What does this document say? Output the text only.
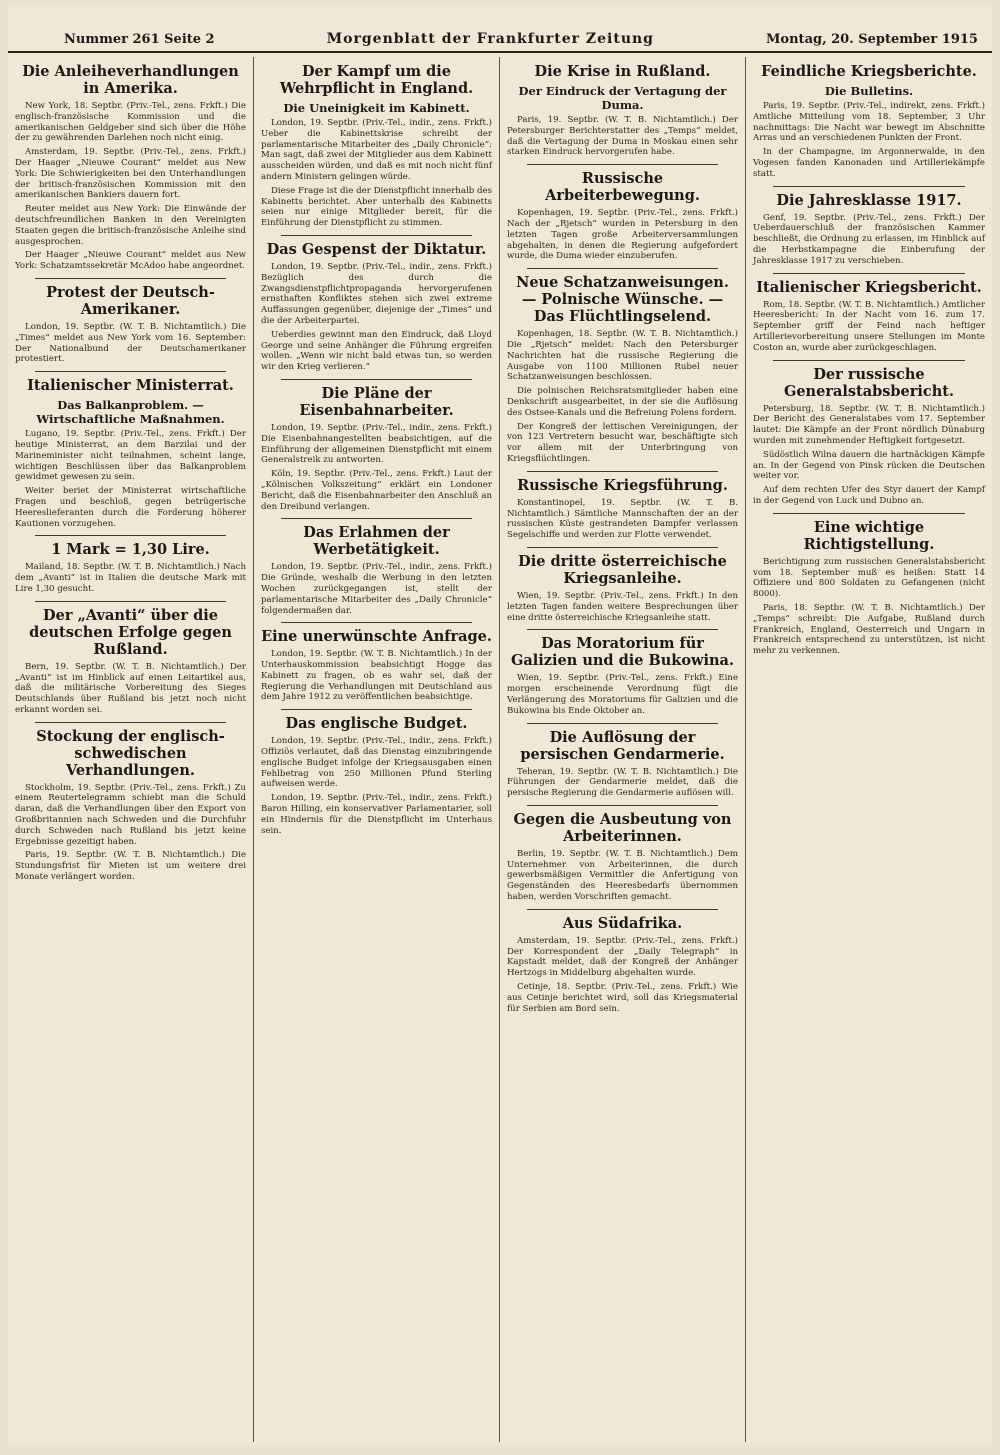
Nummer 261 Seite 2	Morgenblatt der Frankfurter Zeitung	Montag, 20. September 1915
Die Anleiheverhandlungen in Amerika.

New York, 18. Septbr. (Priv.-Tel., zens. Frkft.) Die englisch-französische Kommission und die amerikanischen Geldgeber sind sich über die Höhe der zu gewährenden Darlehen noch nicht einig.

Amsterdam, 19. Septbr. (Priv.-Tel., zens. Frkft.) Der Haager „Nieuwe Courant“ meldet aus New York: Die Schwierigkeiten bei den Unterhandlungen der britisch-französischen Kommission mit den amerikanischen Bankiers dauern fort.

Reuter meldet aus New York: Die Einwände der deutschfreundlichen Banken in den Vereinigten Staaten gegen die britisch-französische Anleihe sind ausgesprochen.

Der Haager „Nieuwe Courant“ meldet aus New York: Schatzamtssekretär McAdoo habe angeordnet.

Protest der Deutsch-Amerikaner.

London, 19. Septbr. (W. T. B. Nichtamtlich.) Die „Times“ meldet aus New York vom 16. September: Der Nationalbund der Deutschamerikaner protestiert.

Italienischer Ministerrat.
Das Balkanproblem. — Wirtschaftliche Maßnahmen.

Lugano, 19. Septbr. (Priv.-Tel., zens. Frkft.) Der heutige Ministerrat, an dem Barzilai und der Marineminister nicht teilnahmen, scheint lange, wichtigen Beschlüssen über das Balkanproblem gewidmet gewesen zu sein.

Weiter beriet der Ministerrat wirtschaftliche Fragen und beschloß, gegen betrügerische Heereslieferanten durch die Forderung höherer Kautionen vorzugehen.

1 Mark = 1,30 Lire.

Mailand, 18. Septbr. (W. T. B. Nichtamtlich.) Nach dem „Avanti“ ist in Italien die deutsche Mark mit Lire 1,30 gesucht.

Der „Avanti“ über die deutschen Erfolge gegen Rußland.

Bern, 19. Septbr. (W. T. B. Nichtamtlich.) Der „Avanti“ ist im Hinblick auf einen Leitartikel aus, daß die militärische Vorbereitung des Sieges Deutschlands über Rußland bis jetzt noch nicht erkannt worden sei.

Stockung der englisch-schwedischen Verhandlungen.

Stockholm, 19. Septbr. (Priv.-Tel., zens. Frkft.) Zu einem Reutertelegramm schiebt man die Schuld daran, daß die Verhandlungen über den Export von Großbritannien nach Schweden und die Durchfuhr durch Schweden nach Rußland bis jetzt keine Ergebnisse gezeitigt haben.

Paris, 19. Septbr. (W. T. B. Nichtamtlich.) Die Stundungsfrist für Mieten ist um weitere drei Monate verlängert worden.

Der Kampf um die Wehrpflicht in England.
Die Uneinigkeit im Kabinett.

London, 19. Septbr. (Priv.-Tel., indir., zens. Frkft.) Ueber die Kabinettskrise schreibt der parlamentarische Mitarbeiter des „Daily Chronicle“: Man sagt, daß zwei der Mitglieder aus dem Kabinett ausscheiden würden, und daß es mit noch nicht fünf andern Ministern gelingen würde.

Diese Frage ist die der Dienstpflicht innerhalb des Kabinetts berichtet. Aber unterhalb des Kabinetts seien nur einige Mitglieder bereit, für die Einführung der Dienstpflicht zu stimmen.

Das Gespenst der Diktatur.

London, 19. Septbr. (Priv.-Tel., indir., zens. Frkft.) Bezüglich des durch die Zwangsdienstpflichtpropaganda hervorgerufenen ernsthaften Konfliktes stehen sich zwei extreme Auffassungen gegenüber, diejenige der „Times“ und die der Arbeiterpartei.

Ueberdies gewinnt man den Eindruck, daß Lloyd George und seine Anhänger die Führung ergreifen wollen. „Wenn wir nicht bald etwas tun, so werden wir den Krieg verlieren.“

Die Pläne der Eisenbahnarbeiter.

London, 19. Septbr. (Priv.-Tel., indir., zens. Frkft.) Die Eisenbahnangestellten beabsichtigen, auf die Einführung der allgemeinen Dienstpflicht mit einem Generalstreik zu antworten.

Köln, 19. Septbr. (Priv.-Tel., zens. Frkft.) Laut der „Kölnischen Volkszeitung“ erklärt ein Londoner Bericht, daß die Eisenbahnarbeiter den Anschluß an den Dreibund verlangen.

Das Erlahmen der Werbetätigkeit.

London, 19. Septbr. (Priv.-Tel., indir., zens. Frkft.) Die Gründe, weshalb die Werbung in den letzten Wochen zurückgegangen ist, stellt der parlamentarische Mitarbeiter des „Daily Chronicle“ folgendermaßen dar.

Eine unerwünschte Anfrage.

London, 19. Septbr. (W. T. B. Nichtamtlich.) In der Unterhauskommission beabsichtigt Hogge das Kabinett zu fragen, ob es wahr sei, daß der Regierung die Verhandlungen mit Deutschland aus dem Jahre 1912 zu veröffentlichen beabsichtige.

Das englische Budget.

London, 19. Septbr. (Priv.-Tel., indir., zens. Frkft.) Offiziös verlautet, daß das Dienstag einzubringende englische Budget infolge der Kriegsausgaben einen Fehlbetrag von 250 Millionen Pfund Sterling aufweisen werde.

London, 19. Septbr. (Priv.-Tel., indir., zens. Frkft.) Baron Hilling, ein konservativer Parlamentarier, soll ein Hindernis für die Dienstpflicht im Unterhaus sein.

Die Krise in Rußland.
Der Eindruck der Vertagung der Duma.

Paris, 19. Septbr. (W. T. B. Nichtamtlich.) Der Petersburger Berichterstatter des „Temps“ meldet, daß die Vertagung der Duma in Moskau einen sehr starken Eindruck hervorgerufen habe.

Russische Arbeiterbewegung.

Kopenhagen, 19. Septbr. (Priv.-Tel., zens. Frkft.) Nach der „Rjetsch“ wurden in Petersburg in den letzten Tagen große Arbeiterversammlungen abgehalten, in denen die Regierung aufgefordert wurde, die Duma wieder einzuberufen.

Neue Schatzanweisungen. — Polnische Wünsche. — Das Flüchtlingselend.

Kopenhagen, 18. Septbr. (W. T. B. Nichtamtlich.) Die „Rjetsch“ meldet: Nach den Petersburger Nachrichten hat die russische Regierung die Ausgabe von 1100 Millionen Rubel neuer Schatzanweisungen beschlossen.

Die polnischen Reichsratsmitglieder haben eine Denkschrift ausgearbeitet, in der sie die Auflösung des Ostsee-Kanals und die Befreiung Polens fordern.

Der Kongreß der lettischen Vereinigungen, der von 123 Vertretern besucht war, beschäftigte sich vor allem mit der Unterbringung von Kriegsflüchtlingen.

Russische Kriegsführung.

Konstantinopel, 19. Septbr. (W. T. B. Nichtamtlich.) Sämtliche Mannschaften der an der russischen Küste gestrandeten Dampfer verlassen Segelschiffe und werden zur Flotte verwendet.

Die dritte österreichische Kriegsanleihe.

Wien, 19. Septbr. (Priv.-Tel., zens. Frkft.) In den letzten Tagen fanden weitere Besprechungen über eine dritte österreichische Kriegsanleihe statt.

Das Moratorium für Galizien und die Bukowina.

Wien, 19. Septbr. (Priv.-Tel., zens. Frkft.) Eine morgen erscheinende Verordnung fügt die Verlängerung des Moratoriums für Galizien und die Bukowina bis Ende Oktober an.

Die Auflösung der persischen Gendarmerie.

Teheran, 19. Septbr. (W. T. B. Nichtamtlich.) Die Führungen der Gendarmerie meldet, daß die persische Regierung die Gendarmerie auflösen will.

Gegen die Ausbeutung von Arbeiterinnen.

Berlin, 19. Septbr. (W. T. B. Nichtamtlich.) Dem Unternehmer von Arbeiterinnen, die durch gewerbsmäßigen Vermittler die Anfertigung von Gegenständen des Heeresbedarfs übernommen haben, werden Vorschriften gemacht.

Aus Südafrika.

Amsterdam, 19. Septbr. (Priv.-Tel., zens. Frkft.) Der Korrespondent der „Daily Telegraph“ in Kapstadt meldet, daß der Kongreß der Anhänger Hertzogs in Middelburg abgehalten wurde.

Cetinje, 18. Septbr. (Priv.-Tel., zens. Frkft.) Wie aus Cetinje berichtet wird, soll das Kriegsmaterial für Serbien am Bord sein.

Feindliche Kriegsberichte.
Die Bulletins.

Paris, 19. Septbr. (Priv.-Tel., indirekt, zens. Frkft.) Amtliche Mitteilung vom 18. September, 3 Uhr nachmittags: Die Nacht war bewegt im Abschnitte Arras und an verschiedenen Punkten der Front.

In der Champagne, im Argonnerwalde, in den Vogesen fanden Kanonaden und Artilleriekämpfe statt.

Die Jahresklasse 1917.

Genf, 19. Septbr. (Priv.-Tel., zens. Frkft.) Der Ueberdauerschluß der französischen Kammer beschließt, die Ordnung zu erlassen, im Hinblick auf die Herbstkampagne die Einberufung der Jahresklasse 1917 zu verschieben.

Italienischer Kriegsbericht.

Rom, 18. Septbr. (W. T. B. Nichtamtlich.) Amtlicher Heeresbericht: In der Nacht vom 16. zum 17. September griff der Feind nach heftiger Artillerievorbereitung unsere Stellungen im Monte Coston an, wurde aber zurückgeschlagen.

Der russische Generalstabsbericht.

Petersburg, 18. Septbr. (W. T. B. Nichtamtlich.) Der Bericht des Generalstabes vom 17. September lautet: Die Kämpfe an der Front nördlich Dünaburg wurden mit zunehmender Heftigkeit fortgesetzt.

Südöstlich Wilna dauern die hartnäckigen Kämpfe an. In der Gegend von Pinsk rücken die Deutschen weiter vor.

Auf dem rechten Ufer des Styr dauert der Kampf in der Gegend von Luck und Dubno an.

Eine wichtige Richtigstellung.

Berichtigung zum russischen Generalstabsbericht vom 18. September muß es heißen: Statt 14 Offiziere und 800 Soldaten zu Gefangenen (nicht 8000).

Paris, 18. Septbr. (W. T. B. Nichtamtlich.) Der „Temps“ schreibt: Die Aufgabe, Rußland durch Frankreich, England, Oesterreich und Ungarn in Frankreich entsprechend zu unterstützen, ist nicht mehr zu verkennen.
